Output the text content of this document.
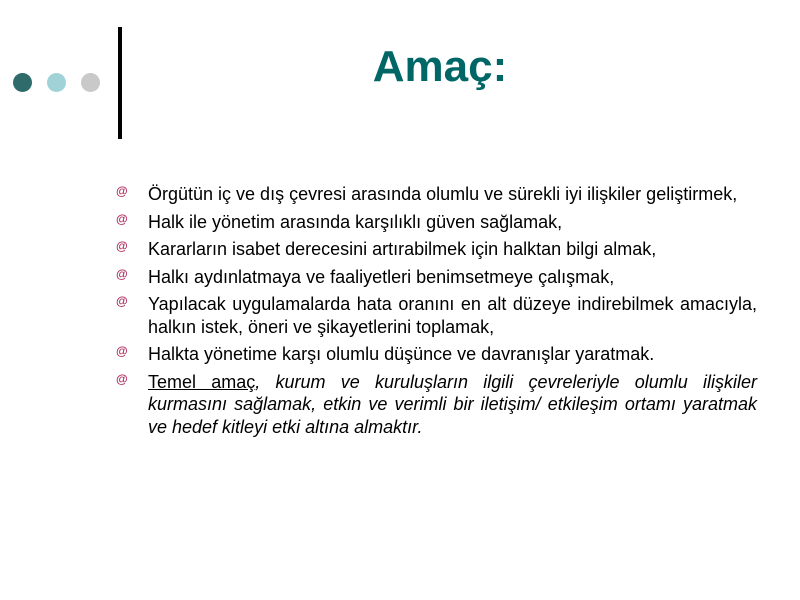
Amaç:
@ Örgütün iç ve dış çevresi arasında olumlu ve sürekli iyi ilişkiler geliştirmek,
@ Halk ile yönetim arasında karşılıklı güven sağlamak,
@ Kararların isabet derecesini artırabilmek için halktan bilgi almak,
@ Halkı aydınlatmaya ve faaliyetleri benimsetmeye çalışmak,
@ Yapılacak uygulamalarda hata oranını en alt düzeye indirebilmek amacıyla, halkın istek, öneri ve şikayetlerini toplamak,
@ Halkta yönetime karşı olumlu düşünce ve davranışlar yaratmak.
@ Temel amaç, kurum ve kuruluşların ilgili çevreleriyle olumlu ilişkiler kurmasını sağlamak, etkin ve verimli bir iletişim/ etkileşim ortamı yaratmak ve hedef kitleyi etki altına almaktır.
